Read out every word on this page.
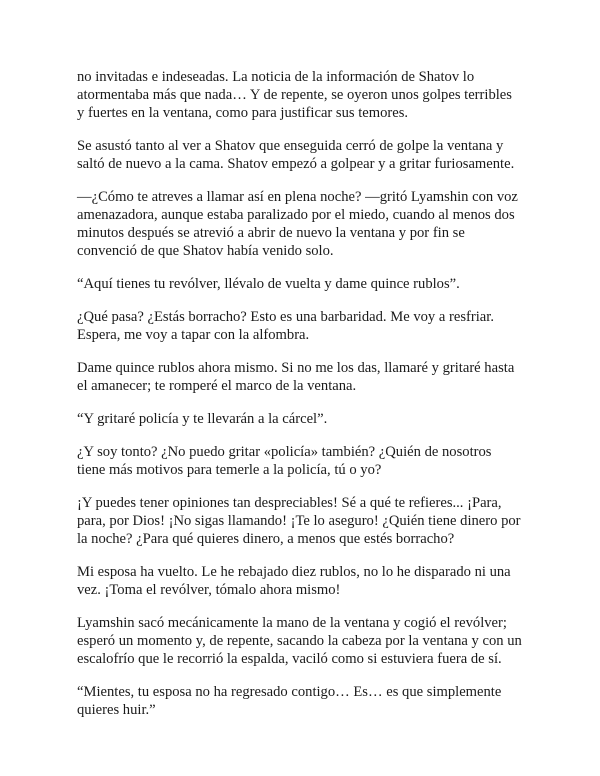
no invitadas e indeseadas. La noticia de la información de Shatov lo
atormentaba más que nada… Y de repente, se oyeron unos golpes terribles
y fuertes en la ventana, como para justificar sus temores.

Se asustó tanto al ver a Shatov que enseguida cerró de golpe la ventana y
saltó de nuevo a la cama. Shatov empezó a golpear y a gritar furiosamente.

—¿Cómo te atreves a llamar así en plena noche? —gritó Lyamshin con voz
amenazadora, aunque estaba paralizado por el miedo, cuando al menos dos
minutos después se atrevió a abrir de nuevo la ventana y por fin se
convenció de que Shatov había venido solo.

“Aquí tienes tu revólver, llévalo de vuelta y dame quince rublos”.

¿Qué pasa? ¿Estás borracho? Esto es una barbaridad. Me voy a resfriar.
Espera, me voy a tapar con la alfombra.

Dame quince rublos ahora mismo. Si no me los das, llamaré y gritaré hasta
el amanecer; te romperé el marco de la ventana.

“Y gritaré policía y te llevarán a la cárcel”.

¿Y soy tonto? ¿No puedo gritar «policía» también? ¿Quién de nosotros
tiene más motivos para temerle a la policía, tú o yo?

¡Y puedes tener opiniones tan despreciables! Sé a qué te refieres... ¡Para,
para, por Dios! ¡No sigas llamando! ¡Te lo aseguro! ¿Quién tiene dinero por
la noche? ¿Para qué quieres dinero, a menos que estés borracho?

Mi esposa ha vuelto. Le he rebajado diez rublos, no lo he disparado ni una
vez. ¡Toma el revólver, tómalo ahora mismo!

Lyamshin sacó mecánicamente la mano de la ventana y cogió el revólver;
esperó un momento y, de repente, sacando la cabeza por la ventana y con un
escalofrío que le recorrió la espalda, vaciló como si estuviera fuera de sí.

“Mientes, tu esposa no ha regresado contigo… Es… es que simplemente
quieres huir.”
